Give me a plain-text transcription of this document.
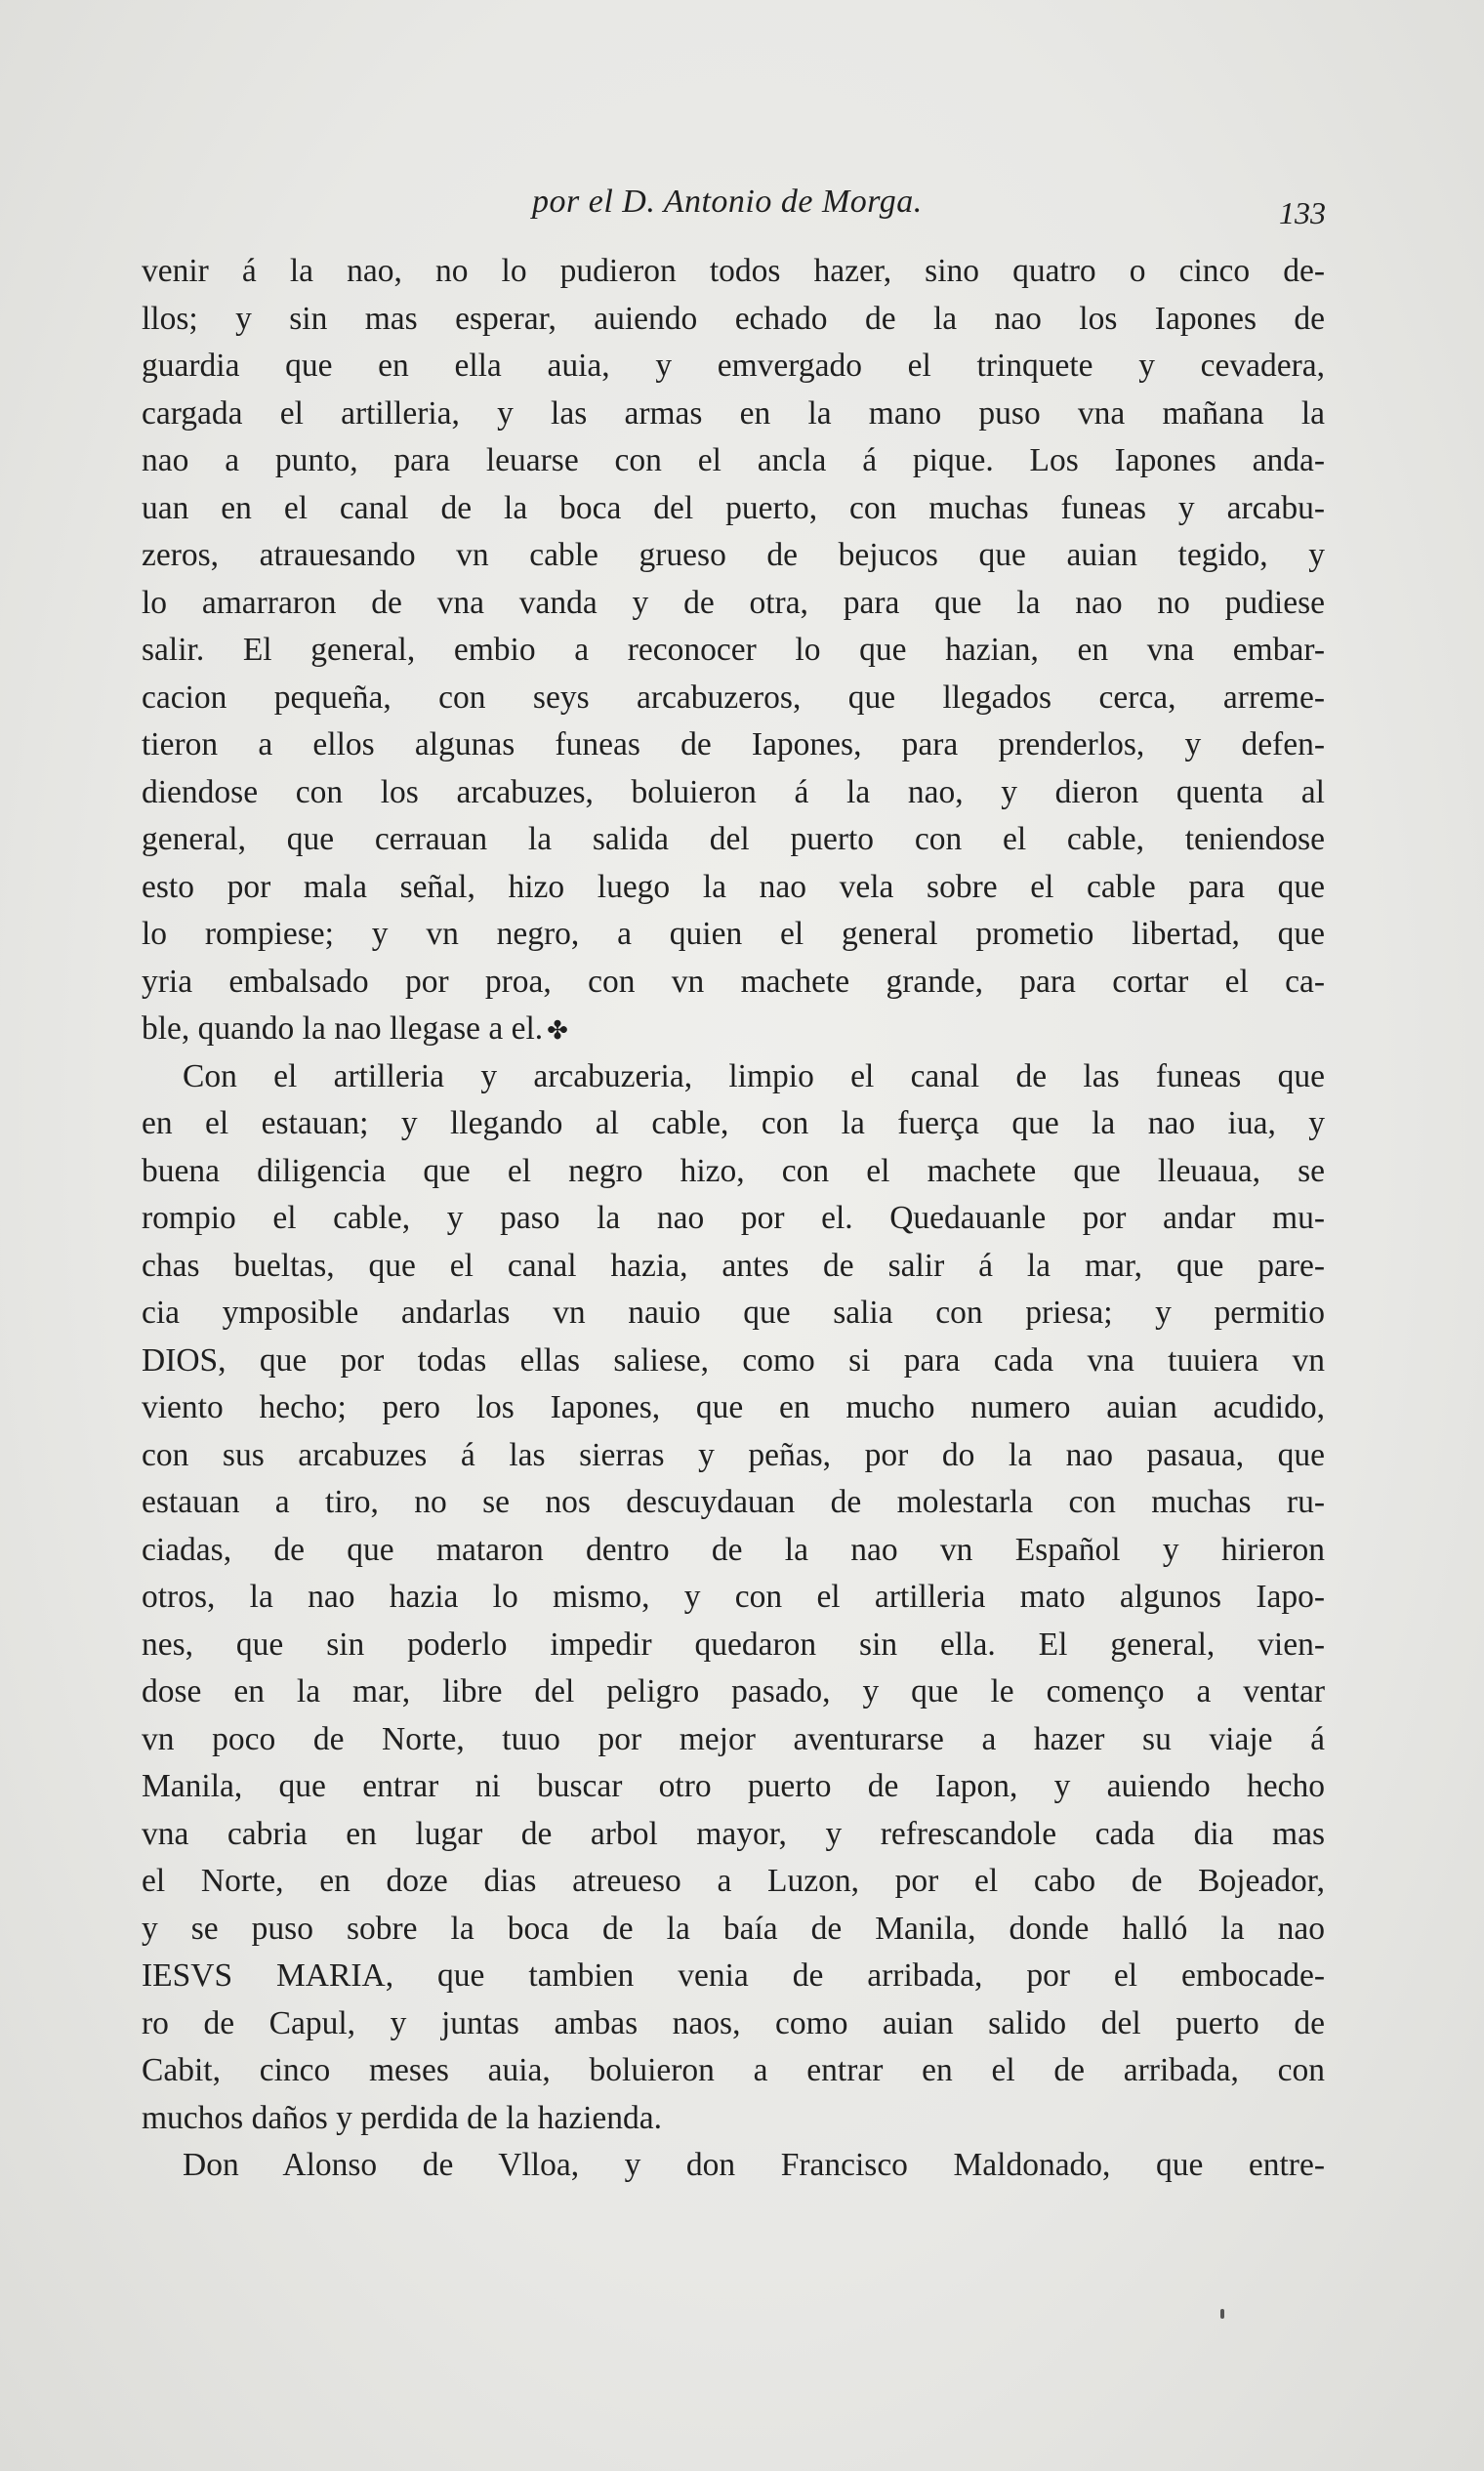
por el D. Antonio de Morga.	133
venir á la nao, no lo pudieron todos hazer, sino quatro o cinco de-
llos; y sin mas esperar, auiendo echado de la nao los Iapones de
guardia que en ella auia, y emvergado el trinquete y cevadera,
cargada el artilleria, y las armas en la mano puso vna mañana la
nao a punto, para leuarse con el ancla á pique. Los Iapones anda-
uan en el canal de la boca del puerto, con muchas funeas y arcabu-
zeros, atrauesando vn cable grueso de bejucos que auian tegido, y
lo amarraron de vna vanda y de otra, para que la nao no pudiese
salir. El general, embio a reconocer lo que hazian, en vna embar-
cacion pequeña, con seys arcabuzeros, que llegados cerca, arreme-
tieron a ellos algunas funeas de Iapones, para prenderlos, y defen-
diendose con los arcabuzes, boluieron á la nao, y dieron quenta al
general, que cerrauan la salida del puerto con el cable, teniendose
esto por mala señal, hizo luego la nao vela sobre el cable para que
lo rompiese; y vn negro, a quien el general prometio libertad, que
yria embalsado por proa, con vn machete grande, para cortar el ca-
ble, quando la nao llegase a el. ✤
Con el artilleria y arcabuzeria, limpio el canal de las funeas que
en el estauan; y llegando al cable, con la fuerça que la nao iua, y
buena diligencia que el negro hizo, con el machete que lleuaua, se
rompio el cable, y paso la nao por el. Quedauanle por andar mu-
chas bueltas, que el canal hazia, antes de salir á la mar, que pare-
cia ymposible andarlas vn nauio que salia con priesa; y permitio
DIOS, que por todas ellas saliese, como si para cada vna tuuiera vn
viento hecho; pero los Iapones, que en mucho numero auian acudido,
con sus arcabuzes á las sierras y peñas, por do la nao pasaua, que
estauan a tiro, no se nos descuydauan de molestarla con muchas ru-
ciadas, de que mataron dentro de la nao vn Español y hirieron
otros, la nao hazia lo mismo, y con el artilleria mato algunos Iapo-
nes, que sin poderlo impedir quedaron sin ella. El general, vien-
dose en la mar, libre del peligro pasado, y que le començo a ventar
vn poco de Norte, tuuo por mejor aventurarse a hazer su viaje á
Manila, que entrar ni buscar otro puerto de Iapon, y auiendo hecho
vna cabria en lugar de arbol mayor, y refrescandole cada dia mas
el Norte, en doze dias atreueso a Luzon, por el cabo de Bojeador,
y se puso sobre la boca de la baía de Manila, donde halló la nao
IESVS MARIA, que tambien venia de arribada, por el embocade-
ro de Capul, y juntas ambas naos, como auian salido del puerto de
Cabit, cinco meses auia, boluieron a entrar en el de arribada, con
muchos daños y perdida de la hazienda.
Don Alonso de Vlloa, y don Francisco Maldonado, que entre-
